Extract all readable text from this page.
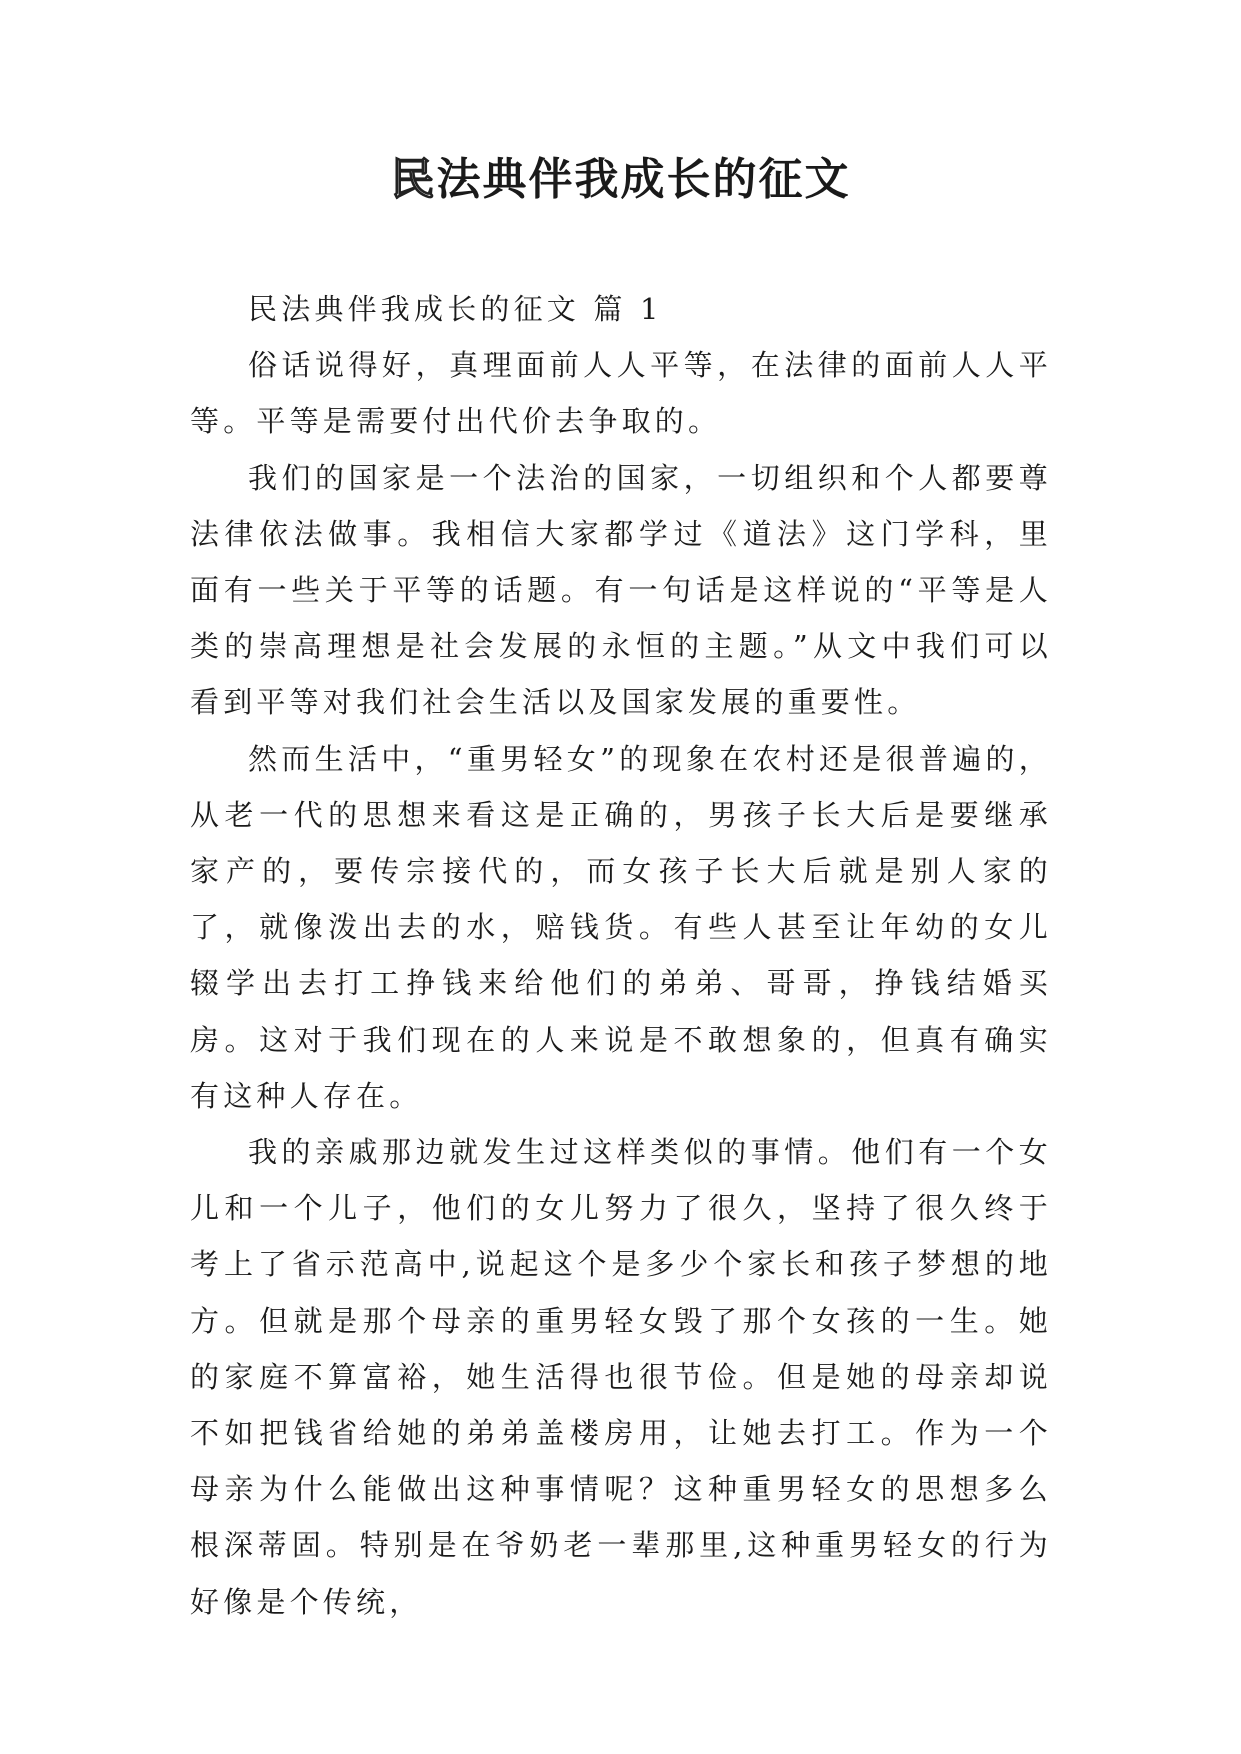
民法典伴我成长的征文

民法典伴我成长的征文 篇 1

俗话说得好，真理面前人人平等，在法律的面前人人平等。平等是需要付出代价去争取的。

我们的国家是一个法治的国家，一切组织和个人都要尊法律依法做事。我相信大家都学过《道法》这门学科，里面有一些关于平等的话题。有一句话是这样说的“平等是人类的崇高理想是社会发展的永恒的主题。”从文中我们可以看到平等对我们社会生活以及国家发展的重要性。

然而生活中，“重男轻女”的现象在农村还是很普遍的，从老一代的思想来看这是正确的，男孩子长大后是要继承家产的，要传宗接代的，而女孩子长大后就是别人家的了，就像泼出去的水，赔钱货。有些人甚至让年幼的女儿辍学出去打工挣钱来给他们的弟弟、哥哥，挣钱结婚买房。这对于我们现在的人来说是不敢想象的，但真有确实有这种人存在。

我的亲戚那边就发生过这样类似的事情。他们有一个女儿和一个儿子，他们的女儿努力了很久，坚持了很久终于考上了省示范高中,说起这个是多少个家长和孩子梦想的地方。但就是那个母亲的重男轻女毁了那个女孩的一生。她的家庭不算富裕，她生活得也很节俭。但是她的母亲却说不如把钱省给她的弟弟盖楼房用，让她去打工。作为一个母亲为什么能做出这种事情呢？这种重男轻女的思想多么根深蒂固。特别是在爷奶老一辈那里,这种重男轻女的行为好像是个传统，
